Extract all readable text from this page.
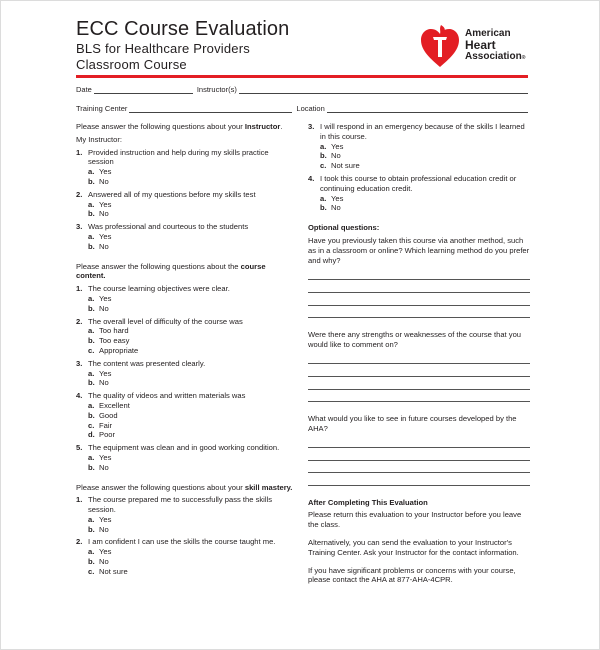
ECC Course Evaluation
BLS for Healthcare Providers
Classroom Course
American
Heart
Association®
Date	Instructor(s)
Training Center	Location
Please answer the following questions about your Instructor.
My Instructor:
1. Provided instruction and help during my skills practice session
a. Yes
b. No
2. Answered all of my questions before my skills test
a. Yes
b. No
3. Was professional and courteous to the students
a. Yes
b. No
Please answer the following questions about the course content.
1. The course learning objectives were clear.
a. Yes
b. No
2. The overall level of difficulty of the course was
a. Too hard
b. Too easy
c. Appropriate
3. The content was presented clearly.
a. Yes
b. No
4. The quality of videos and written materials was
a. Excellent
b. Good
c. Fair
d. Poor
5. The equipment was clean and in good working condition.
a. Yes
b. No
Please answer the following questions about your skill mastery.
1. The course prepared me to successfully pass the skills session.
a. Yes
b. No
2. I am confident I can use the skills the course taught me.
a. Yes
b. No
c. Not sure
3. I will respond in an emergency because of the skills I learned in this course.
a. Yes
b. No
c. Not sure
4. I took this course to obtain professional education credit or continuing education credit.
a. Yes
b. No
Optional questions:
Have you previously taken this course via another method, such as in a classroom or online? Which learning method do you prefer and why?
Were there any strengths or weaknesses of the course that you would like to comment on?
What would you like to see in future courses developed by the AHA?
After Completing This Evaluation
Please return this evaluation to your Instructor before you leave the class.
Alternatively, you can send the evaluation to your Instructor's Training Center. Ask your Instructor for the contact information.
If you have significant problems or concerns with your course, please contact the AHA at 877-AHA-4CPR.
